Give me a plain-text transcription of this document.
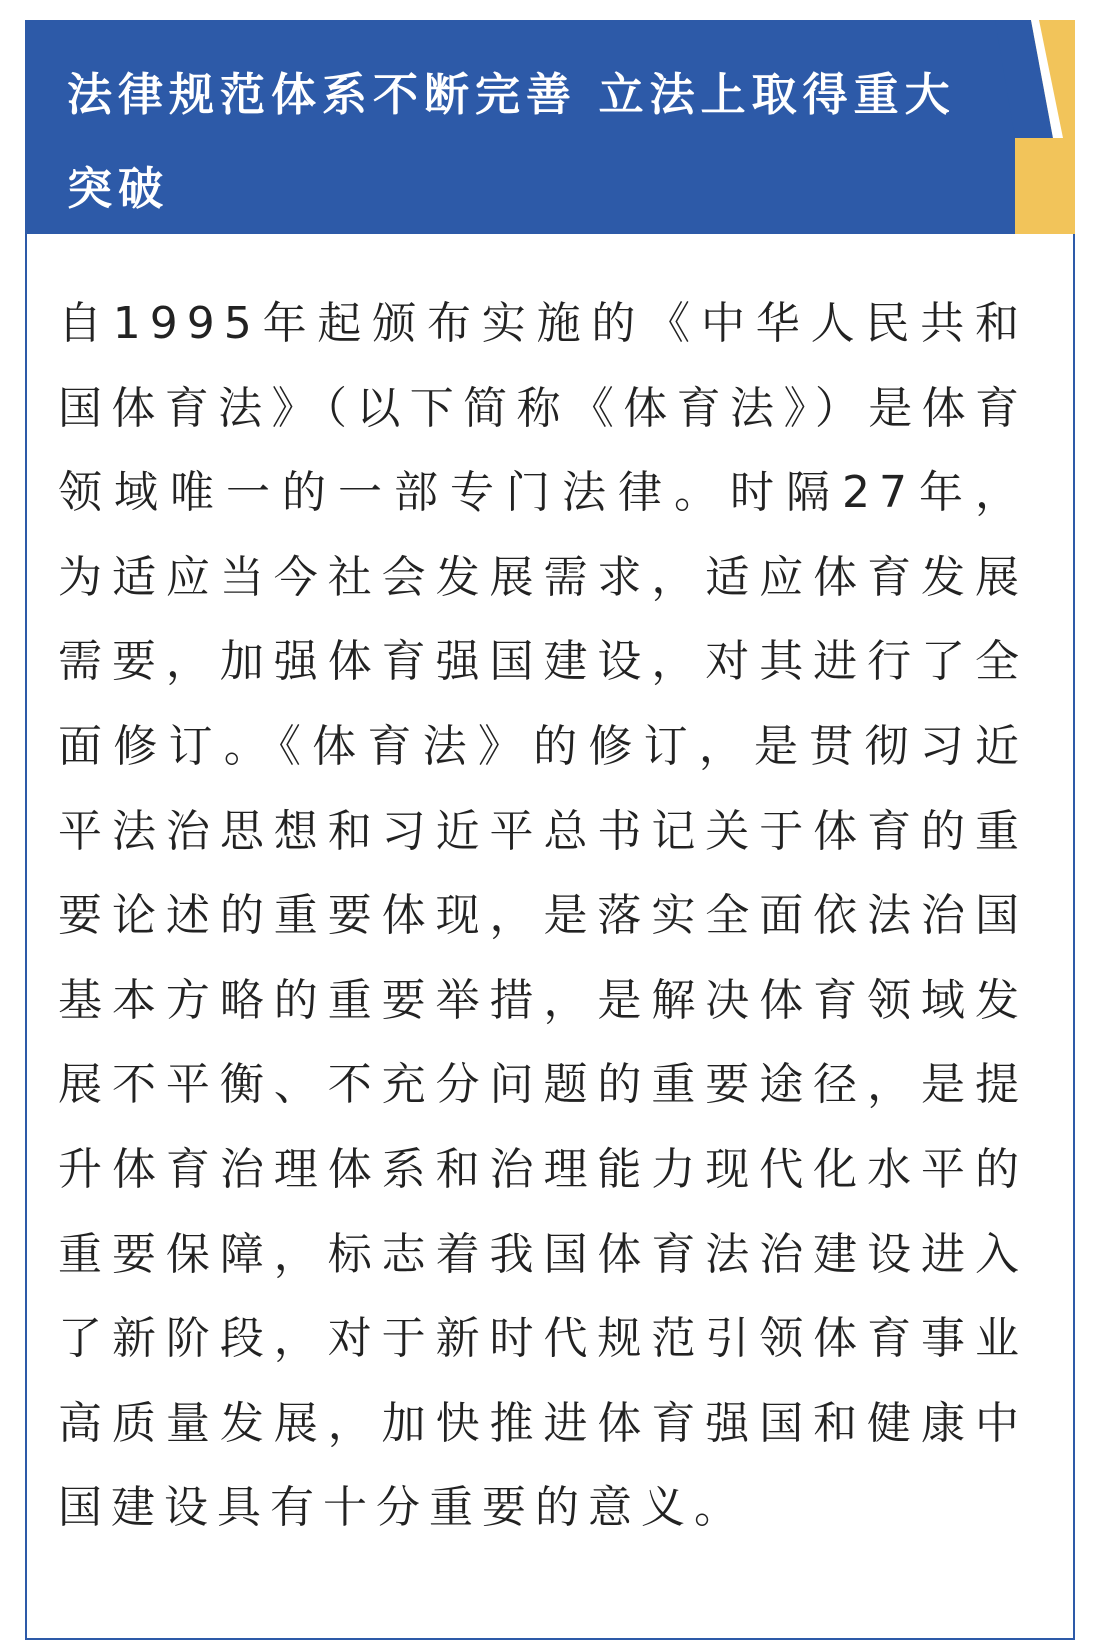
法律规范体系不断完善 立法上取得重大突破

自1995年起颁布实施的《中华人民共和国体育法》（以下简称《体育法》）是体育领域唯一的一部专门法律。时隔27年，为适应当今社会发展需求，适应体育发展需要，加强体育强国建设，对其进行了全面修订。《体育法》的修订，是贯彻习近平法治思想和习近平总书记关于体育的重要论述的重要体现，是落实全面依法治国基本方略的重要举措，是解决体育领域发展不平衡、不充分问题的重要途径，是提升体育治理体系和治理能力现代化水平的重要保障，标志着我国体育法治建设进入了新阶段，对于新时代规范引领体育事业高质量发展，加快推进体育强国和健康中国建设具有十分重要的意义。
